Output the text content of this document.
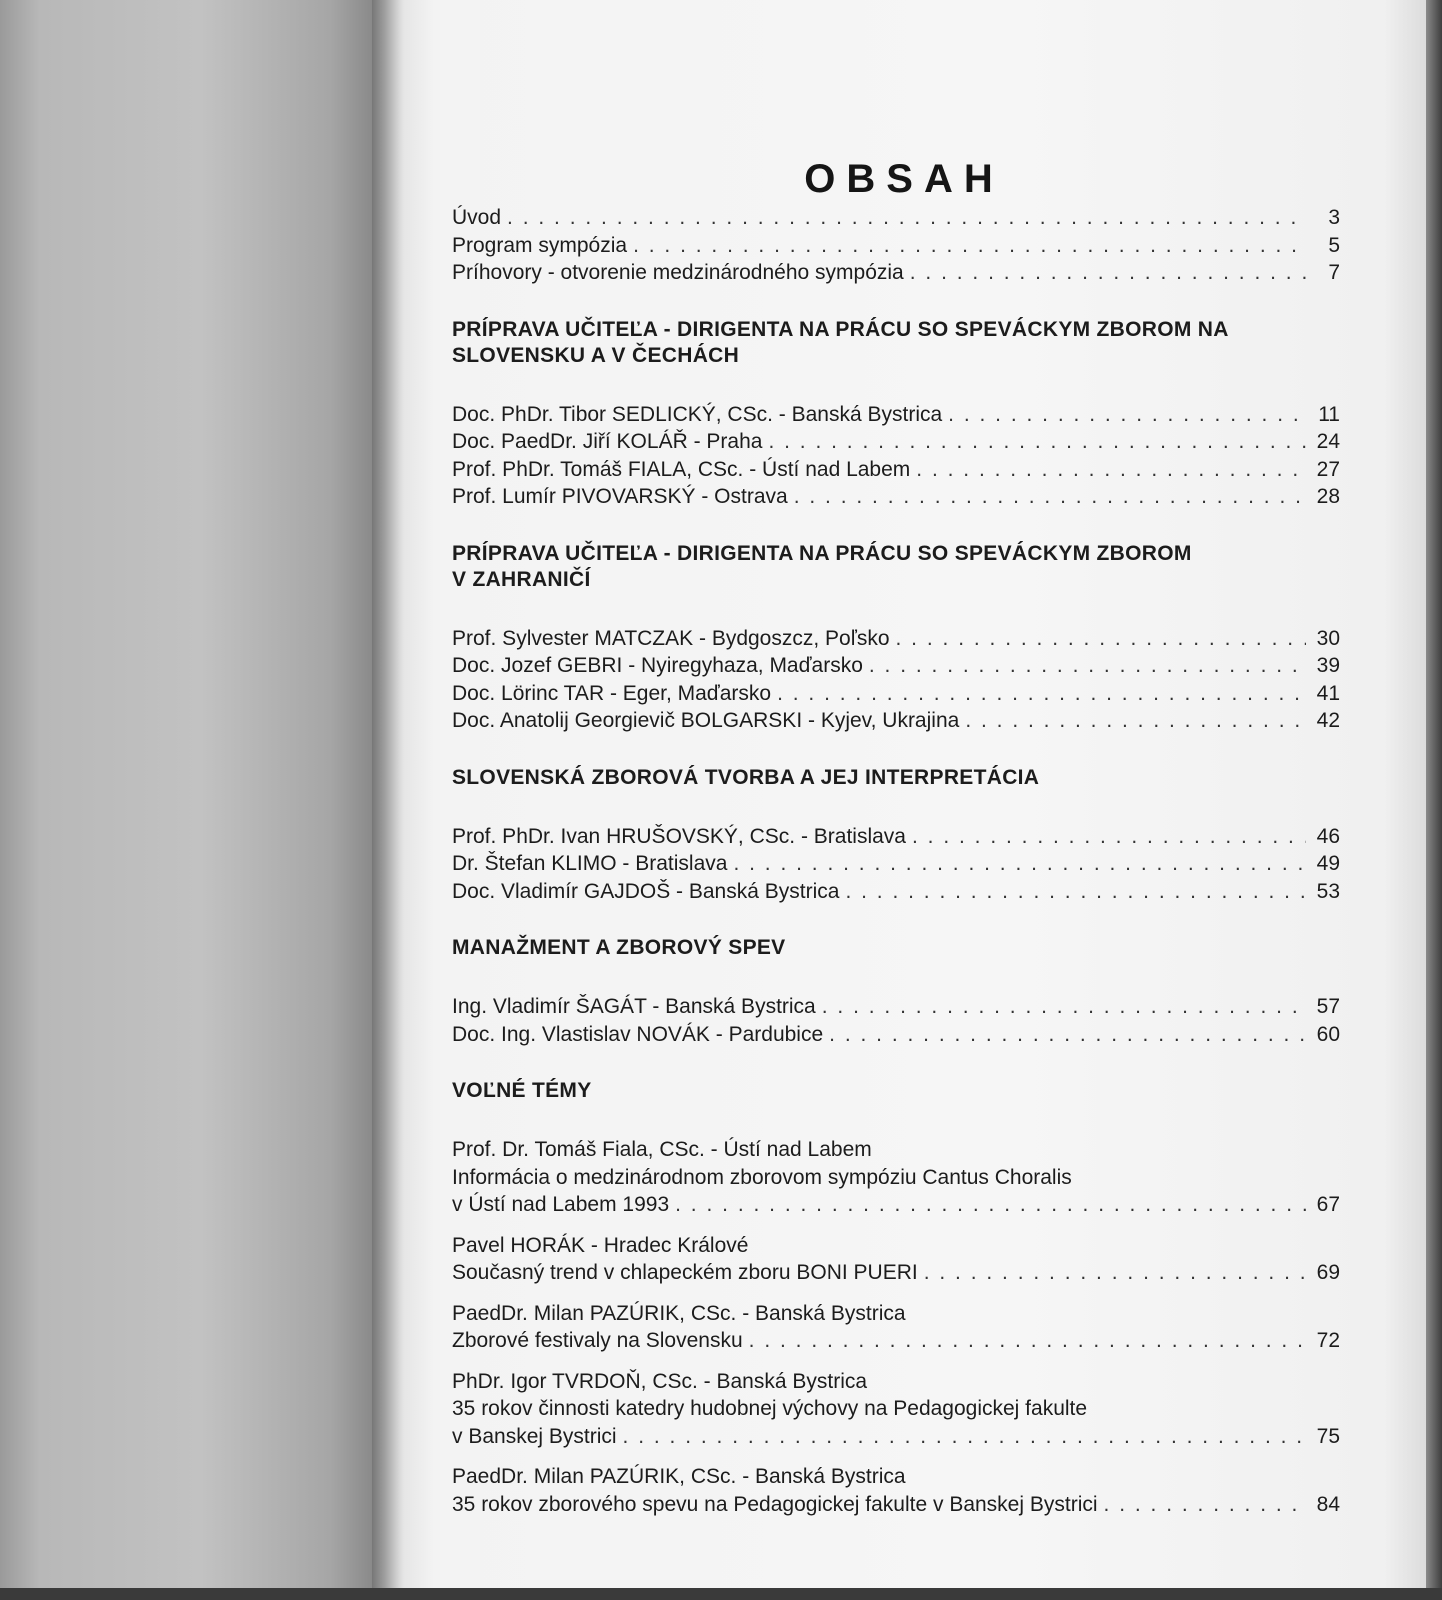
OBSAH
Úvod . . .	3
Program sympózia . . .	5
Príhovory - otvorenie medzinárodného sympózia . . .	7
PRÍPRAVA UČITEĽA - DIRIGENTA NA PRÁCU SO SPEVÁCKYM ZBOROM NA
SLOVENSKU A V ČECHÁCH
Doc. PhDr. Tibor SEDLICKÝ, CSc. - Banská Bystrica . . .	11
Doc. PaedDr. Jiří KOLÁŘ - Praha . . .	24
Prof. PhDr. Tomáš FIALA, CSc. - Ústí nad Labem . . .	27
Prof. Lumír PIVOVARSKÝ - Ostrava . . .	28
PRÍPRAVA UČITEĽA - DIRIGENTA NA PRÁCU SO SPEVÁCKYM ZBOROM
V ZAHRANIČÍ
Prof. Sylvester MATCZAK - Bydgoszcz, Poľsko . . .	30
Doc. Jozef GEBRI - Nyiregyhaza, Maďarsko . . .	39
Doc. Lörinc TAR - Eger, Maďarsko . . .	41
Doc. Anatolij Georgievič BOLGARSKI - Kyjev, Ukrajina . . .	42
SLOVENSKÁ ZBOROVÁ TVORBA A JEJ INTERPRETÁCIA
Prof. PhDr. Ivan HRUŠOVSKÝ, CSc. - Bratislava . . .	46
Dr. Štefan KLIMO - Bratislava . . .	49
Doc. Vladimír GAJDOŠ - Banská Bystrica . . .	53
MANAŽMENT A ZBOROVÝ SPEV
Ing. Vladimír ŠAGÁT - Banská Bystrica . . .	57
Doc. Ing. Vlastislav NOVÁK - Pardubice . . .	60
VOĽNÉ TÉMY
Prof. Dr. Tomáš Fiala, CSc. - Ústí nad Labem
Informácia o medzinárodnom zborovom sympóziu Cantus Choralis
v Ústí nad Labem 1993 . . .	67
Pavel HORÁK - Hradec Králové
Současný trend v chlapeckém zboru BONI PUERI . . .	69
PaedDr. Milan PAZÚRIK, CSc. - Banská Bystrica
Zborové festivaly na Slovensku . . .	72
PhDr. Igor TVRDOŇ, CSc. - Banská Bystrica
35 rokov činnosti katedry hudobnej výchovy na Pedagogickej fakulte
v Banskej Bystrici . . .	75
PaedDr. Milan PAZÚRIK, CSc. - Banská Bystrica
35 rokov zborového spevu na Pedagogickej fakulte v Banskej Bystrici . . .	84
